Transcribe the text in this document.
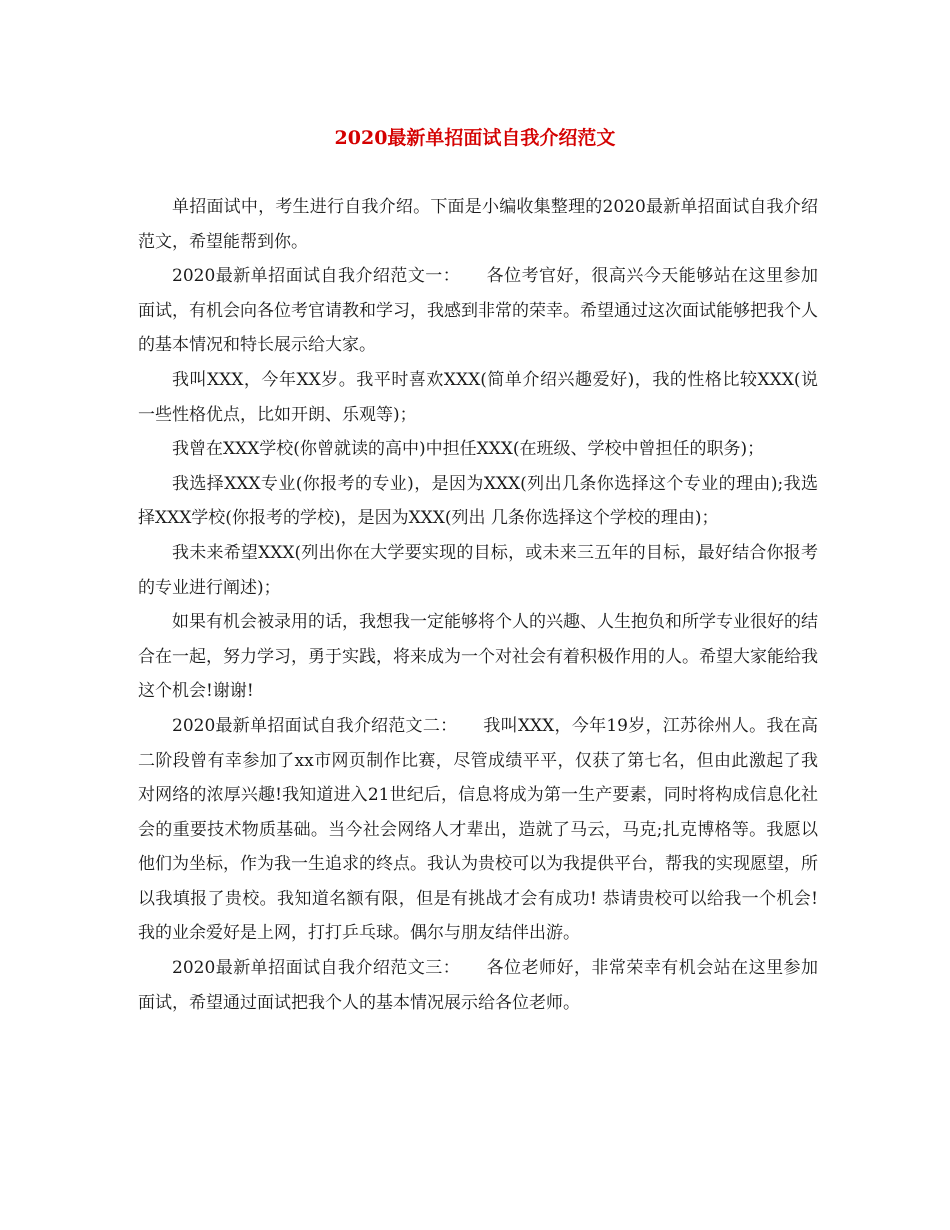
2020最新单招面试自我介绍范文

单招面试中，考生进行自我介绍。下面是小编收集整理的2020最新单招面试自我介绍范文，希望能帮到你。

2020最新单招面试自我介绍范文一：　　各位考官好，很高兴今天能够站在这里参加面试，有机会向各位考官请教和学习，我感到非常的荣幸。希望通过这次面试能够把我个人的基本情况和特长展示给大家。

我叫XXX，今年XX岁。我平时喜欢XXX(简单介绍兴趣爱好)，我的性格比较XXX(说一些性格优点，比如开朗、乐观等)；

我曾在XXX学校(你曾就读的高中)中担任XXX(在班级、学校中曾担任的职务)；

我选择XXX专业(你报考的专业)，是因为XXX(列出几条你选择这个专业的理由);我选择XXX学校(你报考的学校)，是因为XXX(列出 几条你选择这个学校的理由)；

我未来希望XXX(列出你在大学要实现的目标，或未来三五年的目标，最好结合你报考的专业进行阐述)；

如果有机会被录用的话，我想我一定能够将个人的兴趣、人生抱负和所学专业很好的结合在一起，努力学习，勇于实践，将来成为一个对社会有着积极作用的人。希望大家能给我这个机会!谢谢!

2020最新单招面试自我介绍范文二：　　我叫XXX，今年19岁，江苏徐州人。我在高二阶段曾有幸参加了xx市网页制作比赛，尽管成绩平平，仅获了第七名，但由此激起了我对网络的浓厚兴趣!我知道进入21世纪后，信息将成为第一生产要素，同时将构成信息化社会的重要技术物质基础。当今社会网络人才辈出，造就了马云，马克;扎克博格等。我愿以他们为坐标，作为我一生追求的终点。我认为贵校可以为我提供平台，帮我的实现愿望，所以我填报了贵校。我知道名额有限，但是有挑战才会有成功! 恭请贵校可以给我一个机会!我的业余爱好是上网，打打乒乓球。偶尔与朋友结伴出游。

2020最新单招面试自我介绍范文三：　　各位老师好，非常荣幸有机会站在这里参加面试，希望通过面试把我个人的基本情况展示给各位老师。
